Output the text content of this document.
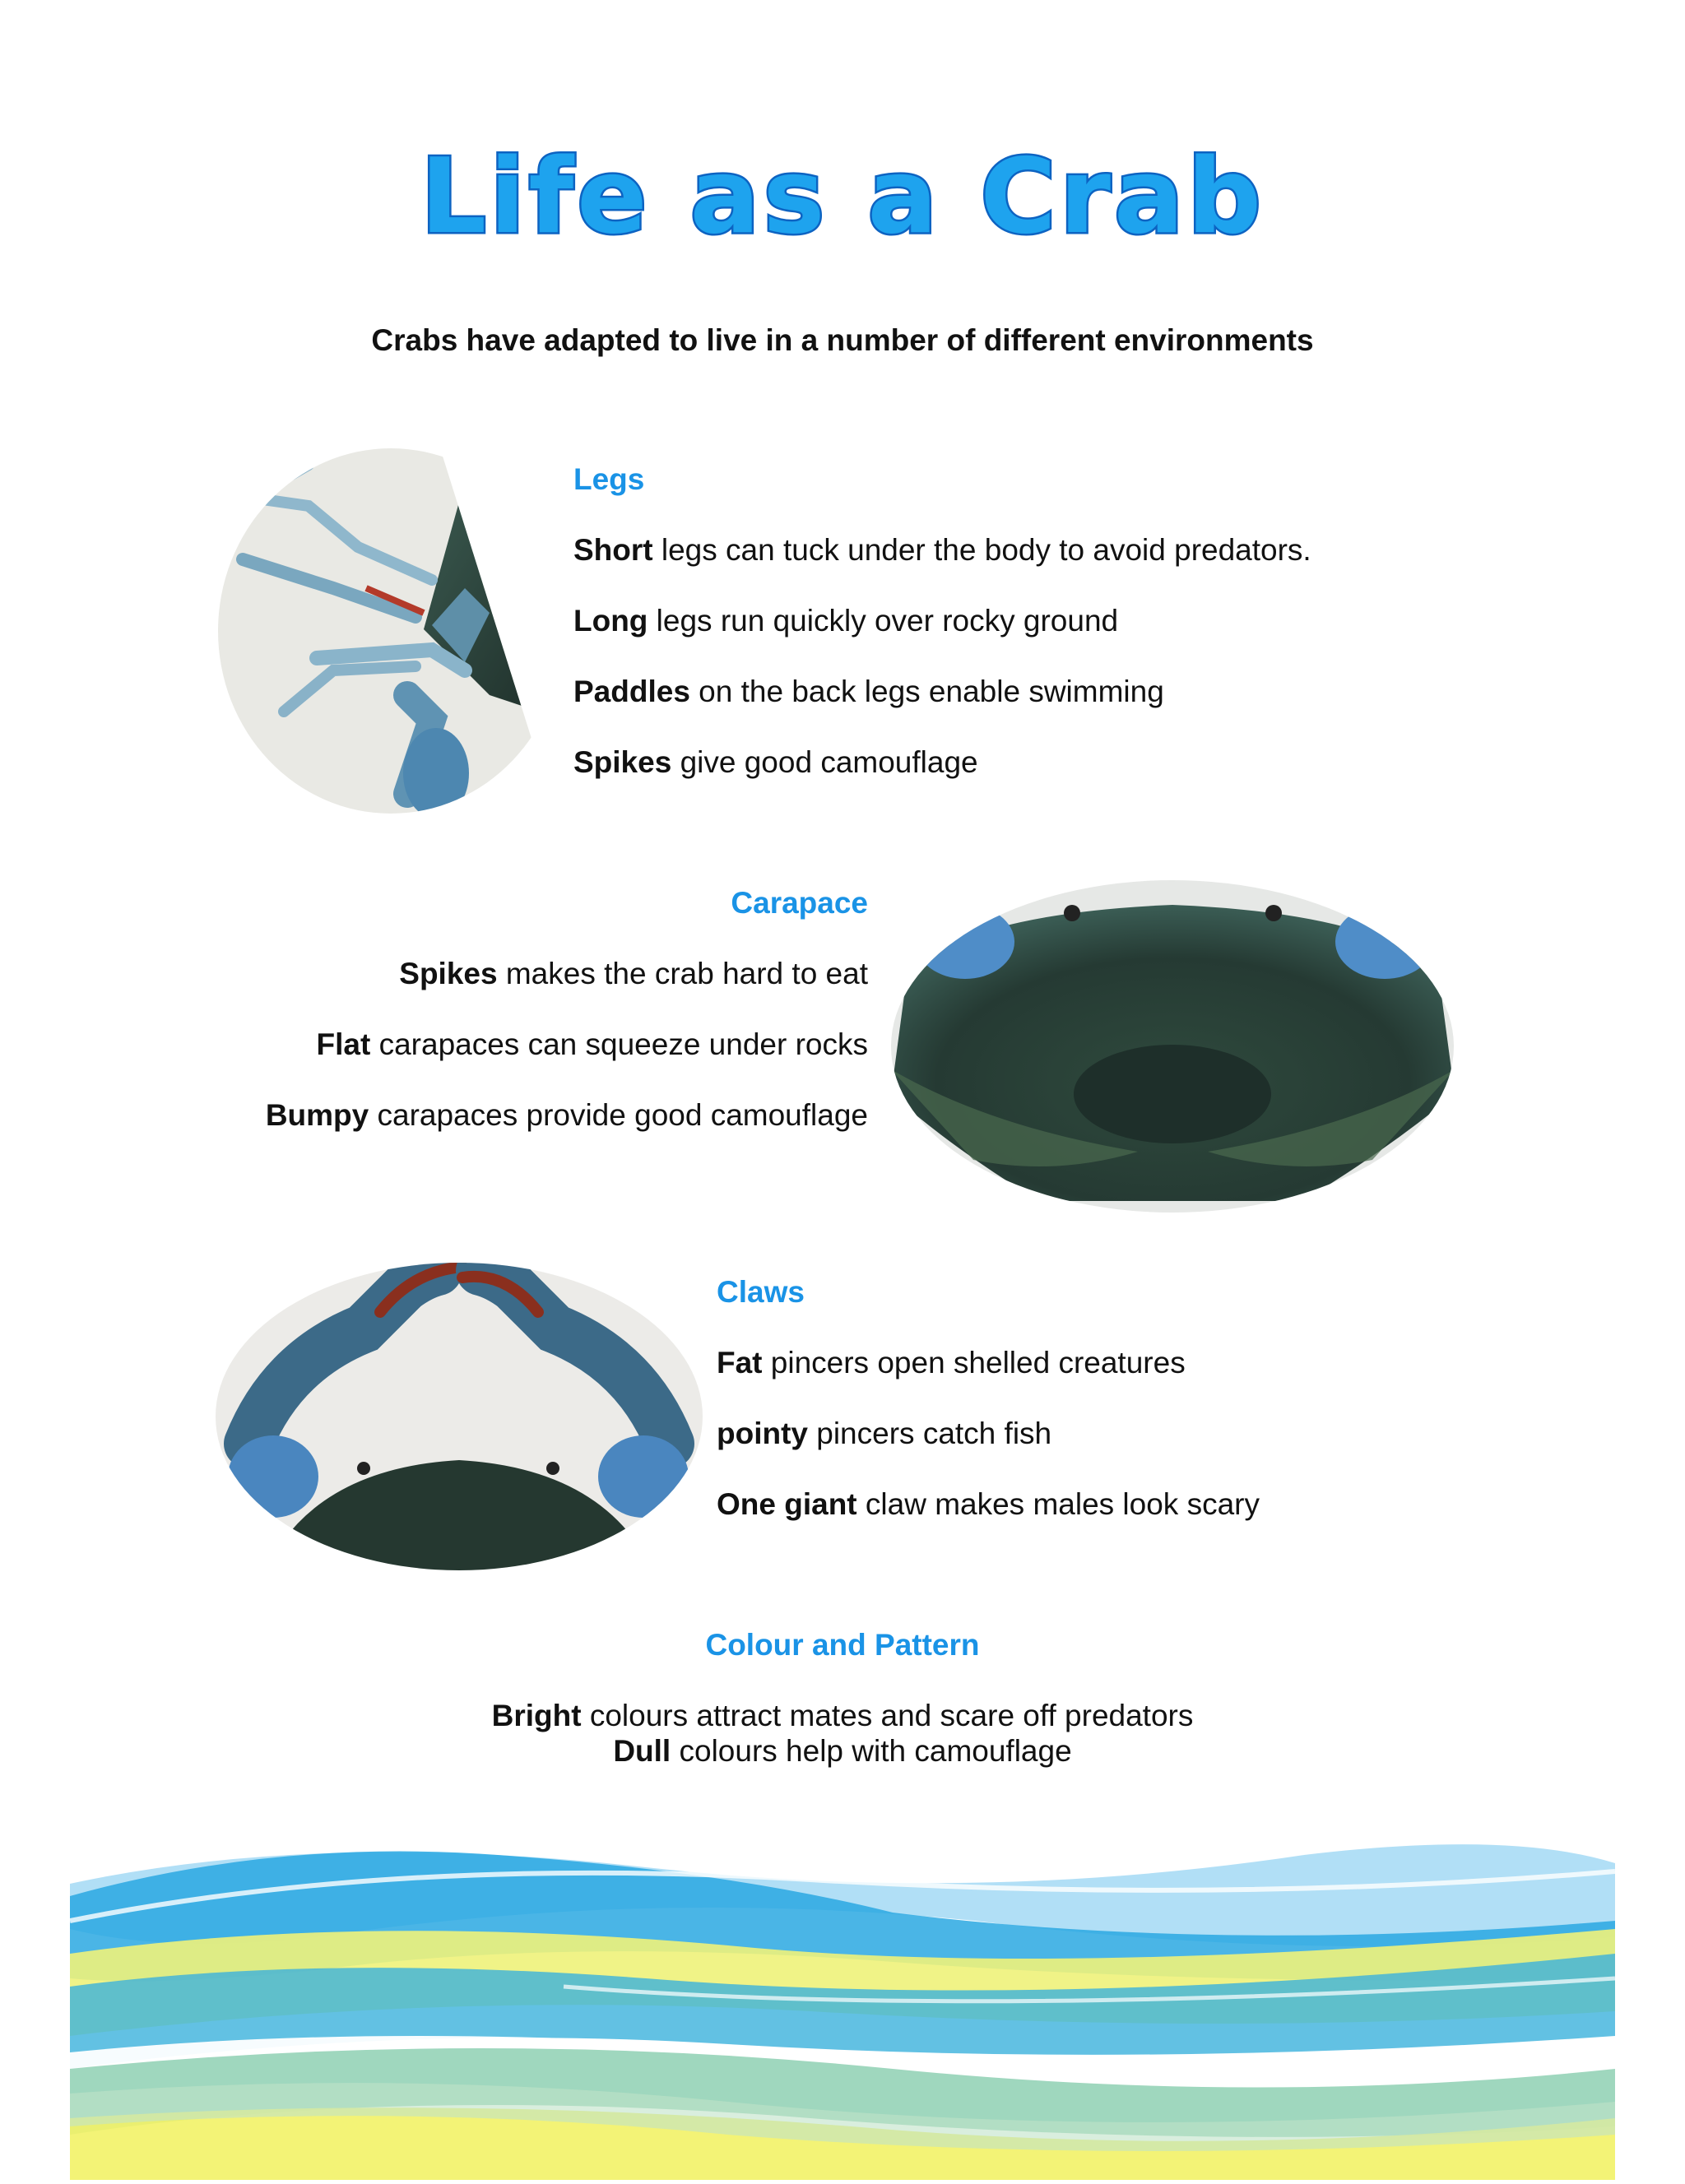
Life as a Crab
Crabs have adapted to live in a number of different environments
Legs
Short legs can tuck under the body to avoid predators.
Long legs run quickly over rocky ground
Paddles on the back legs enable swimming
Spikes give good camouflage
Carapace
Spikes makes the crab hard to eat
Flat carapaces can squeeze under rocks
Bumpy carapaces provide good camouflage
Claws
Fat pincers open shelled creatures
pointy pincers catch fish
One giant claw makes males look scary
Colour and Pattern
Bright colours attract mates and scare off predators
Dull colours help with camouflage
